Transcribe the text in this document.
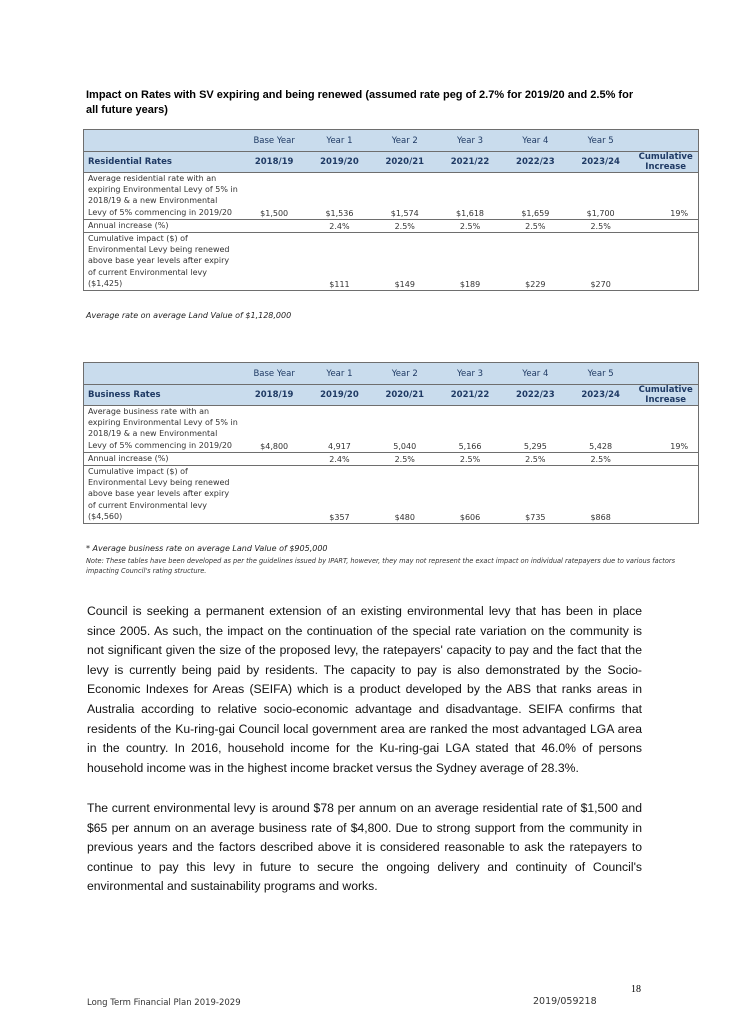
Impact on Rates with SV expiring and being renewed (assumed rate peg of 2.7% for 2019/20 and 2.5% for all future years)
	Base Year	Year 1	Year 2	Year 3	Year 4	Year 5	
Residential Rates	2018/19	2019/20	2020/21	2021/22	2022/23	2023/24	Cumulative Increase
Average residential rate with an expiring Environmental Levy of 5% in 2018/19 & a new Environmental Levy of 5% commencing in 2019/20	$1,500	$1,536	$1,574	$1,618	$1,659	$1,700	19%
Annual increase (%)		2.4%	2.5%	2.5%	2.5%	2.5%	
Cumulative impact ($) of Environmental Levy being renewed above base year levels after expiry of current Environmental levy ($1,425)		$111	$149	$189	$229	$270	
Average rate on average Land Value of $1,128,000
	Base Year	Year 1	Year 2	Year 3	Year 4	Year 5	
Business Rates	2018/19	2019/20	2020/21	2021/22	2022/23	2023/24	Cumulative Increase
Average business rate with an expiring Environmental Levy of 5% in 2018/19 & a new Environmental Levy of 5% commencing in 2019/20	$4,800	4,917	5,040	5,166	5,295	5,428	19%
Annual increase (%)		2.4%	2.5%	2.5%	2.5%	2.5%	
Cumulative impact ($) of Environmental Levy being renewed above base year levels after expiry of current Environmental levy ($4,560)		$357	$480	$606	$735	$868	
* Average business rate on average Land Value of $905,000
Note: These tables have been developed as per the guidelines issued by IPART, however, they may not represent the exact impact on individual ratepayers due to various factors impacting Council's rating structure.

Council is seeking a permanent extension of an existing environmental levy that has been in place since 2005. As such, the impact on the continuation of the special rate variation on the community is not significant given the size of the proposed levy, the ratepayers' capacity to pay and the fact that the levy is currently being paid by residents. The capacity to pay is also demonstrated by the Socio-Economic Indexes for Areas (SEIFA) which is a product developed by the ABS that ranks areas in Australia according to relative socio-economic advantage and disadvantage. SEIFA confirms that residents of the Ku-ring-gai Council local government area are ranked the most advantaged LGA area in the country. In 2016, household income for the Ku-ring-gai LGA stated that 46.0% of persons household income was in the highest income bracket versus the Sydney average of 28.3%.

The current environmental levy is around $78 per annum on an average residential rate of $1,500 and $65 per annum on an average business rate of $4,800. Due to strong support from the community in previous years and the factors described above it is considered reasonable to ask the ratepayers to continue to pay this levy in future to secure the ongoing delivery and continuity of Council's environmental and sustainability programs and works.

18
Long Term Financial Plan 2019-2029	2019/059218
